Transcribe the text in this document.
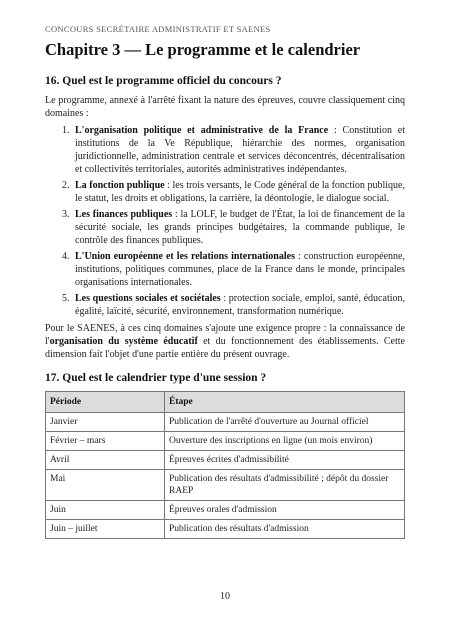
CONCOURS SECRÉTAIRE ADMINISTRATIF ET SAENES
Chapitre 3 — Le programme et le calendrier
16. Quel est le programme officiel du concours ?

Le programme, annexé à l'arrêté fixant la nature des épreuves, couvre classiquement cinq domaines :

1. L'organisation politique et administrative de la France : Constitution et institutions de la Ve République, hiérarchie des normes, organisation juridictionnelle, administration centrale et services déconcentrés, décentralisation et collectivités territoriales, autorités administratives indépendantes.
2. La fonction publique : les trois versants, le Code général de la fonction publique, le statut, les droits et obligations, la carrière, la déontologie, le dialogue social.
3. Les finances publiques : la LOLF, le budget de l'État, la loi de financement de la sécurité sociale, les grands principes budgétaires, la commande publique, le contrôle des finances publiques.
4. L'Union européenne et les relations internationales : construction européenne, institutions, politiques communes, place de la France dans le monde, principales organisations internationales.
5. Les questions sociales et sociétales : protection sociale, emploi, santé, éducation, égalité, laïcité, sécurité, environnement, transformation numérique.

Pour le SAENES, à ces cinq domaines s'ajoute une exigence propre : la connaissance de l'organisation du système éducatif et du fonctionnement des établissements. Cette dimension fait l'objet d'une partie entière du présent ouvrage.

17. Quel est le calendrier type d'une session ?
Période	Étape
Janvier	Publication de l'arrêté d'ouverture au Journal officiel
Février – mars	Ouverture des inscriptions en ligne (un mois environ)
Avril	Épreuves écrites d'admissibilité
Mai	Publication des résultats d'admissibilité ; dépôt du dossier RAEP
Juin	Épreuves orales d'admission
Juin – juillet	Publication des résultats d'admission
10
